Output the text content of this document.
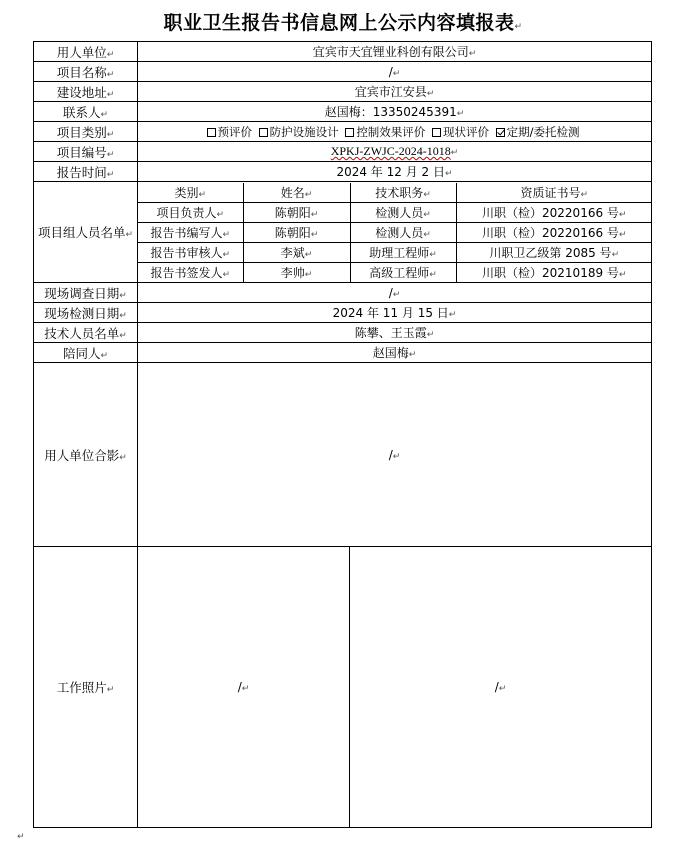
职业卫生报告书信息网上公示内容填报表↵
用人单位↵	宜宾市天宜锂业科创有限公司↵
项目名称↵	/↵
建设地址↵	宜宾市江安县↵
联系人↵	赵国梅：13350245391↵
项目类别↵	预评价 防护设施设计 控制效果评价 现状评价 定期/委托检测
项目编号↵	XPKJ-ZWJC-2024-1018↵
报告时间↵	2024 年 12 月 2 日↵
项目组人员名单↵	
类别↵	姓名↵	技术职务↵	资质证书号↵
项目负责人↵	陈朝阳↵	检测人员↵	川职（检）20220166 号↵
报告书编写人↵	陈朝阳↵	检测人员↵	川职（检）20220166 号↵
报告书审核人↵	李斌↵	助理工程师↵	川职卫乙级第 2085 号↵
报告书签发人↵	李帅↵	高级工程师↵	川职（检）20210189 号↵

现场调查日期↵	/↵
现场检测日期↵	2024 年 11 月 15 日↵
技术人员名单↵	陈攀、王玉霞↵
陪同人↵	赵国梅↵
用人单位合影↵	/↵
工作照片↵	/↵	/↵
↵
